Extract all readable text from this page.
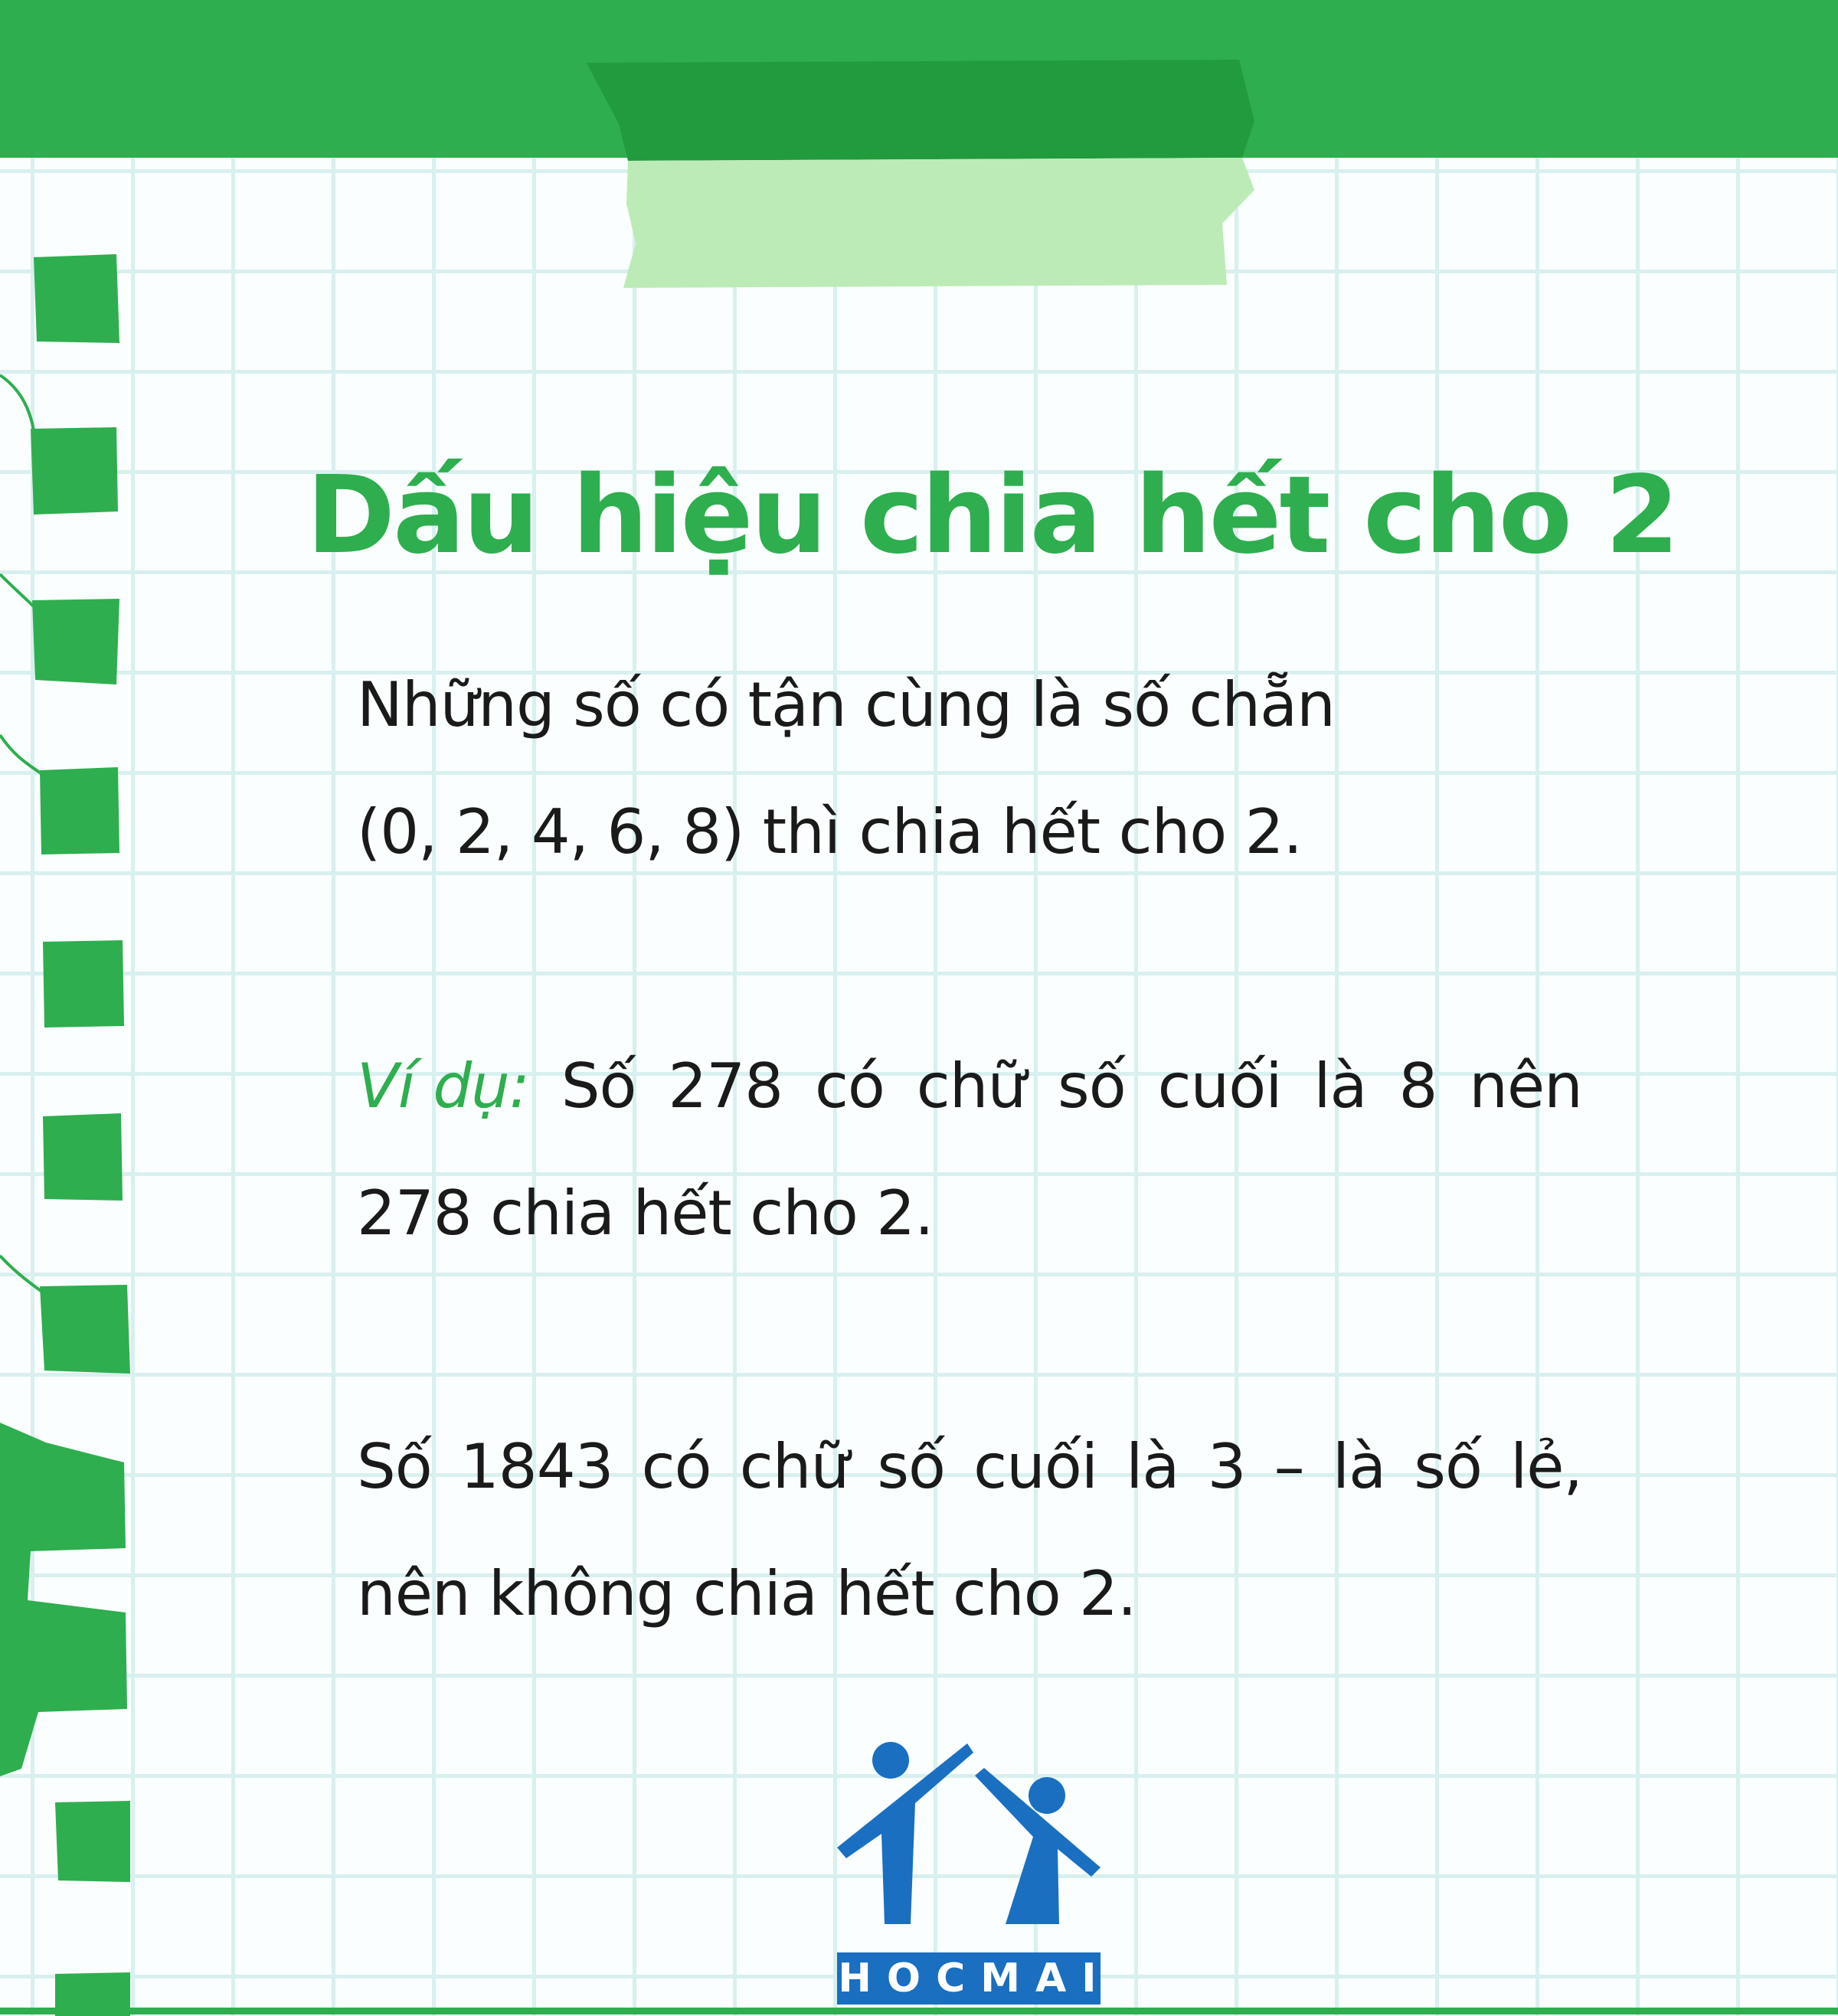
Dấu hiệu chia hết cho 2
Những số có tận cùng là số chẵn
(0, 2, 4, 6, 8) thì chia hết cho 2.
Ví dụ: Số 278 có chữ số cuối là 8 nên
278 chia hết cho 2.
Số 1843 có chữ số cuối là 3 – là số lẻ,
nên không chia hết cho 2.
HOCMAI
